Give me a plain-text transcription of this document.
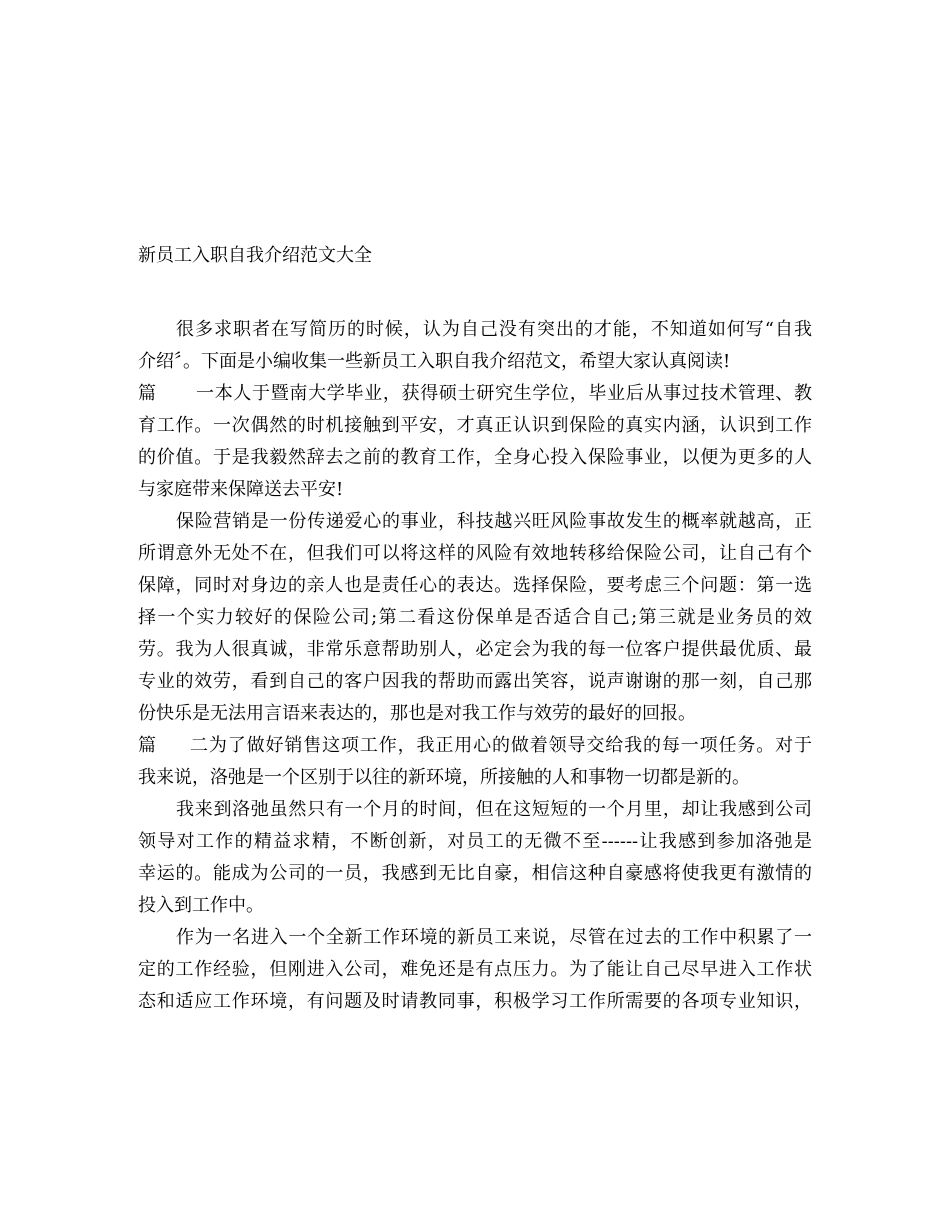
新员工入职自我介绍范文大全
很多求职者在写简历的时候，认为自己没有突出的才能，不知道如何写“自我
介绍〞。下面是小编收集一些新员工入职自我介绍范文，希望大家认真阅读!
篇一本人于暨南大学毕业，获得硕士研究生学位，毕业后从事过技术管理、教
育工作。一次偶然的时机接触到平安，才真正认识到保险的真实内涵，认识到工作
的价值。于是我毅然辞去之前的教育工作，全身心投入保险事业，以便为更多的人
与家庭带来保障送去平安!
保险营销是一份传递爱心的事业，科技越兴旺风险事故发生的概率就越高，正
所谓意外无处不在，但我们可以将这样的风险有效地转移给保险公司，让自己有个
保障，同时对身边的亲人也是责任心的表达。选择保险，要考虑三个问题：第一选
择一个实力较好的保险公司;第二看这份保单是否适合自己;第三就是业务员的效
劳。我为人很真诚，非常乐意帮助别人，必定会为我的每一位客户提供最优质、最
专业的效劳，看到自己的客户因我的帮助而露出笑容，说声谢谢的那一刻，自己那
份快乐是无法用言语来表达的，那也是对我工作与效劳的最好的回报。
篇二为了做好销售这项工作，我正用心的做着领导交给我的每一项任务。对于
我来说，洛弛是一个区别于以往的新环境，所接触的人和事物一切都是新的。
我来到洛弛虽然只有一个月的时间，但在这短短的一个月里，却让我感到公司
领导对工作的精益求精，不断创新，对员工的无微不至------让我感到参加洛弛是
幸运的。能成为公司的一员，我感到无比自豪，相信这种自豪感将使我更有激情的
投入到工作中。
作为一名进入一个全新工作环境的新员工来说，尽管在过去的工作中积累了一
定的工作经验，但刚进入公司，难免还是有点压力。为了能让自己尽早进入工作状
态和适应工作环境，有问题及时请教同事，积极学习工作所需要的各项专业知识，
